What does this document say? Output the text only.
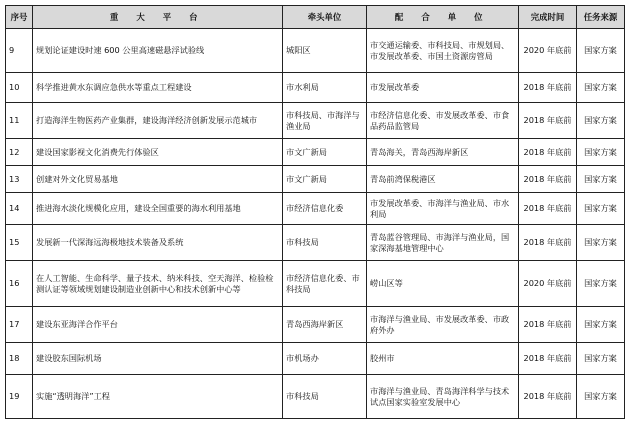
序号	重 大 平 台	牵头单位	配 合 单 位	完成时间	任务来源
9	规划论证建设时速 600 公里高速磁悬浮试验线	城阳区	市交通运输委、市科技局、市规划局、市发展改革委、市国土资源房管局	2020 年底前	国家方案
10	科学推进黄水东调应急供水等重点工程建设	市水利局	市发展改革委	2018 年底前	国家方案
11	打造海洋生物医药产业集群，建设海洋经济创新发展示范城市	市科技局、市海洋与渔业局	市经济信息化委、市发展改革委、市食品药品监管局	2018 年底前	国家方案
12	建设国家影视文化消费先行体验区	市文广新局	青岛海关，青岛西海岸新区	2018 年底前	国家方案
13	创建对外文化贸易基地	市文广新局	青岛前湾保税港区	2018 年底前	国家方案
14	推进海水淡化规模化应用，建设全国重要的海水利用基地	市经济信息化委	市发展改革委、市海洋与渔业局、市水利局	2018 年底前	国家方案
15	发展新一代深海远海极地技术装备及系统	市科技局	青岛蓝谷管理局、市海洋与渔业局，国家深海基地管理中心	2018 年底前	国家方案
16	在人工智能、生命科学、量子技术、纳米科技、空天海洋、检验检测认证等领域规划建设制造业创新中心和技术创新中心等	市经济信息化委、市科技局	崂山区等	2020 年底前	国家方案
17	建设东亚海洋合作平台	青岛西海岸新区	市海洋与渔业局、市发展改革委、市政府外办	2018 年底前	国家方案
18	建设胶东国际机场	市机场办	胶州市	2018 年底前	国家方案
19	实施“透明海洋”工程	市科技局	市海洋与渔业局、青岛海洋科学与技术试点国家实验室发展中心	2018 年底前	国家方案
